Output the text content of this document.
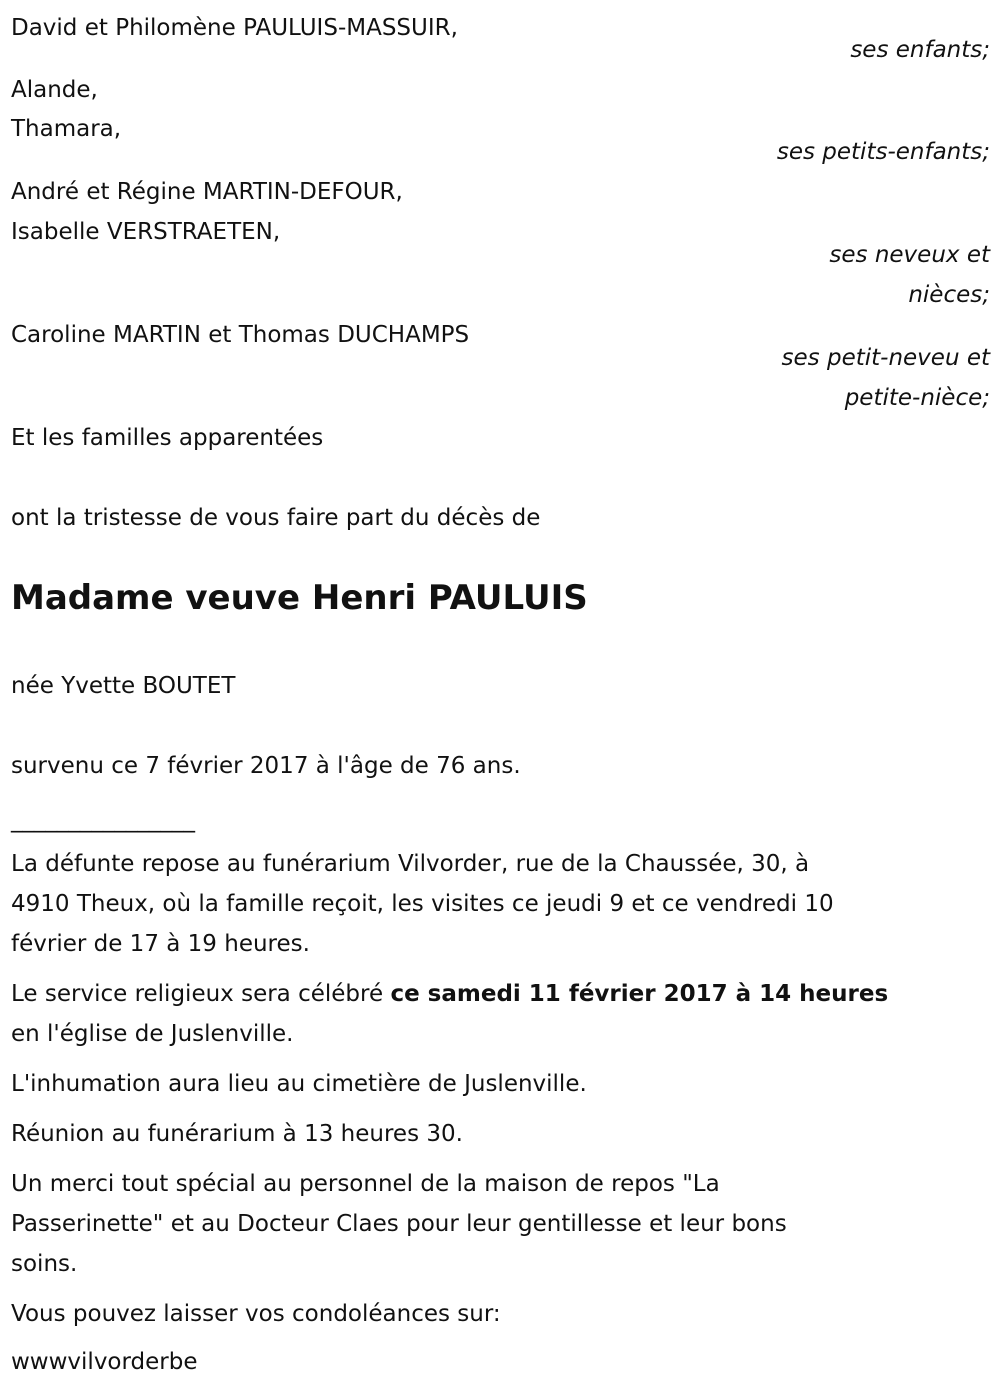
David et Philomène PAULUIS-MASSUIR,
ses enfants;
Alande,
Thamara,
ses petits-enfants;
André et Régine MARTIN-DEFOUR,
Isabelle VERSTRAETEN,
ses neveux et
nièces;
Caroline MARTIN et Thomas DUCHAMPS
ses petit-neveu et
petite-nièce;
Et les familles apparentées
ont la tristesse de vous faire part du décès de
Madame veuve Henri PAULUIS
née Yvette BOUTET
survenu ce 7 février 2017 à l'âge de 76 ans.
________________
La défunte repose au funérarium Vilvorder, rue de la Chaussée, 30, à
4910 Theux, où la famille reçoit, les visites ce jeudi 9 et ce vendredi 10
février de 17 à 19 heures.
Le service religieux sera célébré ce samedi 11 février 2017 à 14 heures
en l'église de Juslenville.
L'inhumation aura lieu au cimetière de Juslenville.
Réunion au funérarium à 13 heures 30.
Un merci tout spécial au personnel de la maison de repos "La
Passerinette" et au Docteur Claes pour leur gentillesse et leur bons
soins.
Vous pouvez laisser vos condoléances sur:
wwwvilvorderbe
